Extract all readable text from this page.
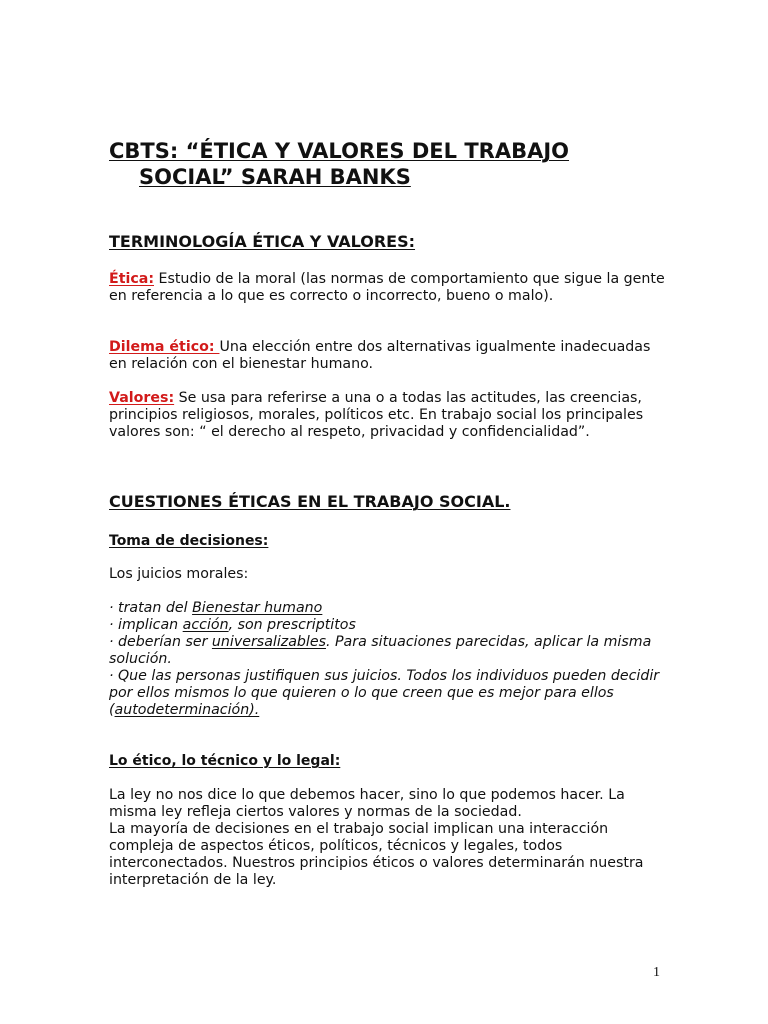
CBTS: “ÉTICA Y VALORES DEL TRABAJO
SOCIAL” SARAH BANKS
TERMINOLOGÍA ÉTICA Y VALORES:
Ética: Estudio de la moral (las normas de comportamiento que sigue la gente en referencia a lo que es correcto o incorrecto, bueno o malo).
Dilema ético: Una elección entre dos alternativas igualmente inadecuadas en relación con el bienestar humano.
Valores: Se usa para referirse a una o a todas las actitudes, las creencias, principios religiosos, morales, políticos etc. En trabajo social los principales valores son: “ el derecho al respeto, privacidad y confidencialidad”.
CUESTIONES ÉTICAS EN EL TRABAJO SOCIAL.
Toma de decisiones:
Los juicios morales:
· tratan del Bienestar humano
· implican acción, son prescriptitos
· deberían ser universalizables. Para situaciones parecidas, aplicar la misma solución.
· Que las personas justifiquen sus juicios. Todos los individuos pueden decidir por ellos mismos lo que quieren o lo que creen que es mejor para ellos (autodeterminación).
Lo ético, lo técnico y lo legal:
La ley no nos dice lo que debemos hacer, sino lo que podemos hacer. La misma ley refleja ciertos valores y normas de la sociedad.
La mayoría de decisiones en el trabajo social implican una interacción compleja de aspectos éticos, políticos, técnicos y legales, todos interconectados. Nuestros principios éticos o valores determinarán nuestra interpretación de la ley.
1
